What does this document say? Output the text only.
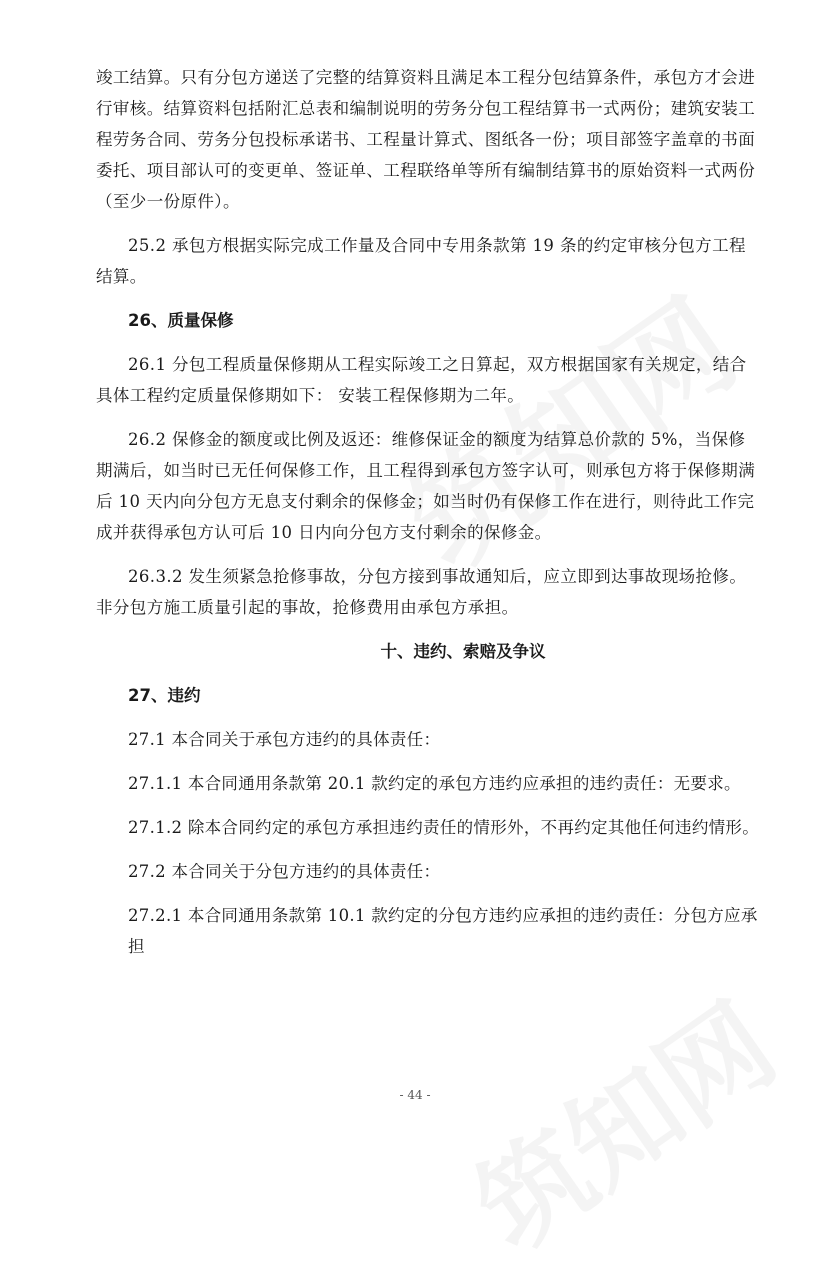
竣工结算。只有分包方递送了完整的结算资料且满足本工程分包结算条件，承包方才会进行审核。结算资料包括附汇总表和编制说明的劳务分包工程结算书一式两份；建筑安装工程劳务合同、劳务分包投标承诺书、工程量计算式、图纸各一份；项目部签字盖章的书面委托、项目部认可的变更单、签证单、工程联络单等所有编制结算书的原始资料一式两份（至少一份原件）。

25.2 承包方根据实际完成工作量及合同中专用条款第 19 条的约定审核分包方工程结算。

26、质量保修

26.1 分包工程质量保修期从工程实际竣工之日算起，双方根据国家有关规定，结合具体工程约定质量保修期如下： 安装工程保修期为二年。

26.2 保修金的额度或比例及返还：维修保证金的额度为结算总价款的 5%，当保修期满后，如当时已无任何保修工作，且工程得到承包方签字认可，则承包方将于保修期满后 10 天内向分包方无息支付剩余的保修金；如当时仍有保修工作在进行，则待此工作完成并获得承包方认可后 10 日内向分包方支付剩余的保修金。

26.3.2 发生须紧急抢修事故，分包方接到事故通知后，应立即到达事故现场抢修。非分包方施工质量引起的事故，抢修费用由承包方承担。

十、违约、索赔及争议

27、违约

27.1 本合同关于承包方违约的具体责任：

27.1.1 本合同通用条款第 20.1 款约定的承包方违约应承担的违约责任：无要求。

27.1.2 除本合同约定的承包方承担违约责任的情形外，不再约定其他任何违约情形。

27.2 本合同关于分包方违约的具体责任：

27.2.1 本合同通用条款第 10.1 款约定的分包方违约应承担的违约责任：分包方应承担

- 44 -
